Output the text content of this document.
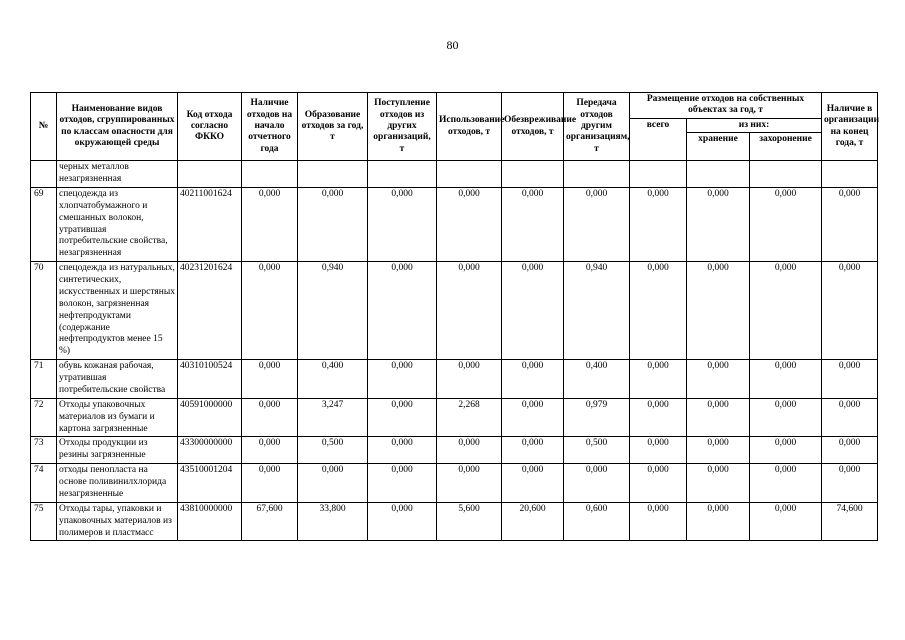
80
№	Наименование видов отходов, сгруппированных по классам опасности для окружающей среды	Код отхода согласно ФККО	Наличие отходов на начало отчетного года	Образование отходов за год, т	Поступление отходов из других организаций, т	Использование отходов, т	Обезвреживание отходов, т	Передача отходов другим организациям, т	Размещение отходов на собственных объектах за год, т			Наличие в организации на конец года, т
									всего	из них:		
										хранение	захоронение	
	черных металлов незагрязненная											
69	спецодежда из хлопчатобумажного и смешанных волокон, утратившая потребительские свойства, незагрязненная	40211001624	0,000	0,000	0,000	0,000	0,000	0,000	0,000	0,000	0,000	0,000
70	спецодежда из натуральных, синтетических, искусственных и шерстяных волокон, загрязненная нефтепродуктами (содержание нефтепродуктов менее 15 %)	40231201624	0,000	0,940	0,000	0,000	0,000	0,940	0,000	0,000	0,000	0,000
71	обувь кожаная рабочая, утратившая потребительские свойства	40310100524	0,000	0,400	0,000	0,000	0,000	0,400	0,000	0,000	0,000	0,000
72	Отходы упаковочных материалов из бумаги и картона загрязненные	40591000000	0,000	3,247	0,000	2,268	0,000	0,979	0,000	0,000	0,000	0,000
73	Отходы продукции из резины загрязненные	43300000000	0,000	0,500	0,000	0,000	0,000	0,500	0,000	0,000	0,000	0,000
74	отходы пенопласта на основе поливинилхлорида незагрязненные	43510001204	0,000	0,000	0,000	0,000	0,000	0,000	0,000	0,000	0,000	0,000
75	Отходы тары, упаковки и упаковочных материалов из полимеров и пластмасс	43810000000	67,600	33,800	0,000	5,600	20,600	0,600	0,000	0,000	0,000	74,600
